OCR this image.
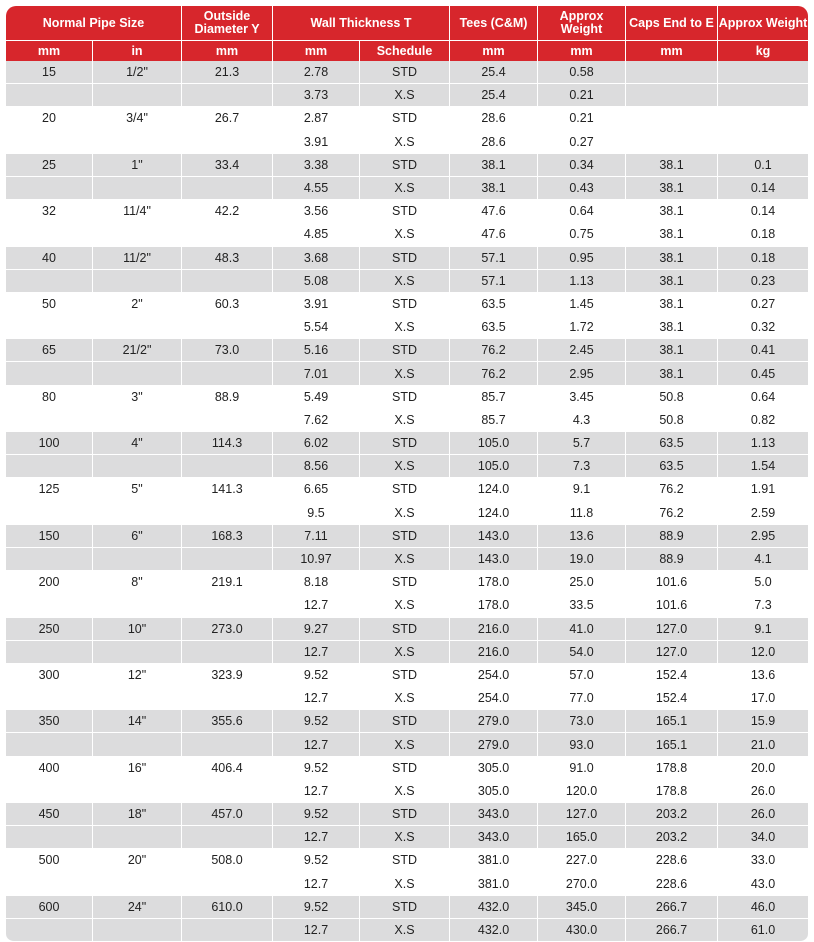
Normal Pipe Size		Outside Diameter Y	Wall Thickness T		Tees (C&M)	Approx Weight	Caps End to E	Approx Weight
mm	in	mm	mm	Schedule	mm	mm	mm	kg
15	1/2"	21.3	2.78	STD	25.4	0.58		
			3.73	X.S	25.4	0.21		
20	3/4"	26.7	2.87	STD	28.6	0.21		
			3.91	X.S	28.6	0.27		
25	1"	33.4	3.38	STD	38.1	0.34	38.1	0.1
			4.55	X.S	38.1	0.43	38.1	0.14
32	11/4"	42.2	3.56	STD	47.6	0.64	38.1	0.14
			4.85	X.S	47.6	0.75	38.1	0.18
40	11/2"	48.3	3.68	STD	57.1	0.95	38.1	0.18
			5.08	X.S	57.1	1.13	38.1	0.23
50	2"	60.3	3.91	STD	63.5	1.45	38.1	0.27
			5.54	X.S	63.5	1.72	38.1	0.32
65	21/2"	73.0	5.16	STD	76.2	2.45	38.1	0.41
			7.01	X.S	76.2	2.95	38.1	0.45
80	3"	88.9	5.49	STD	85.7	3.45	50.8	0.64
			7.62	X.S	85.7	4.3	50.8	0.82
100	4"	114.3	6.02	STD	105.0	5.7	63.5	1.13
			8.56	X.S	105.0	7.3	63.5	1.54
125	5"	141.3	6.65	STD	124.0	9.1	76.2	1.91
			9.5	X.S	124.0	11.8	76.2	2.59
150	6"	168.3	7.11	STD	143.0	13.6	88.9	2.95
			10.97	X.S	143.0	19.0	88.9	4.1
200	8"	219.1	8.18	STD	178.0	25.0	101.6	5.0
			12.7	X.S	178.0	33.5	101.6	7.3
250	10"	273.0	9.27	STD	216.0	41.0	127.0	9.1
			12.7	X.S	216.0	54.0	127.0	12.0
300	12"	323.9	9.52	STD	254.0	57.0	152.4	13.6
			12.7	X.S	254.0	77.0	152.4	17.0
350	14"	355.6	9.52	STD	279.0	73.0	165.1	15.9
			12.7	X.S	279.0	93.0	165.1	21.0
400	16"	406.4	9.52	STD	305.0	91.0	178.8	20.0
			12.7	X.S	305.0	120.0	178.8	26.0
450	18"	457.0	9.52	STD	343.0	127.0	203.2	26.0
			12.7	X.S	343.0	165.0	203.2	34.0
500	20"	508.0	9.52	STD	381.0	227.0	228.6	33.0
			12.7	X.S	381.0	270.0	228.6	43.0
600	24"	610.0	9.52	STD	432.0	345.0	266.7	46.0
			12.7	X.S	432.0	430.0	266.7	61.0
